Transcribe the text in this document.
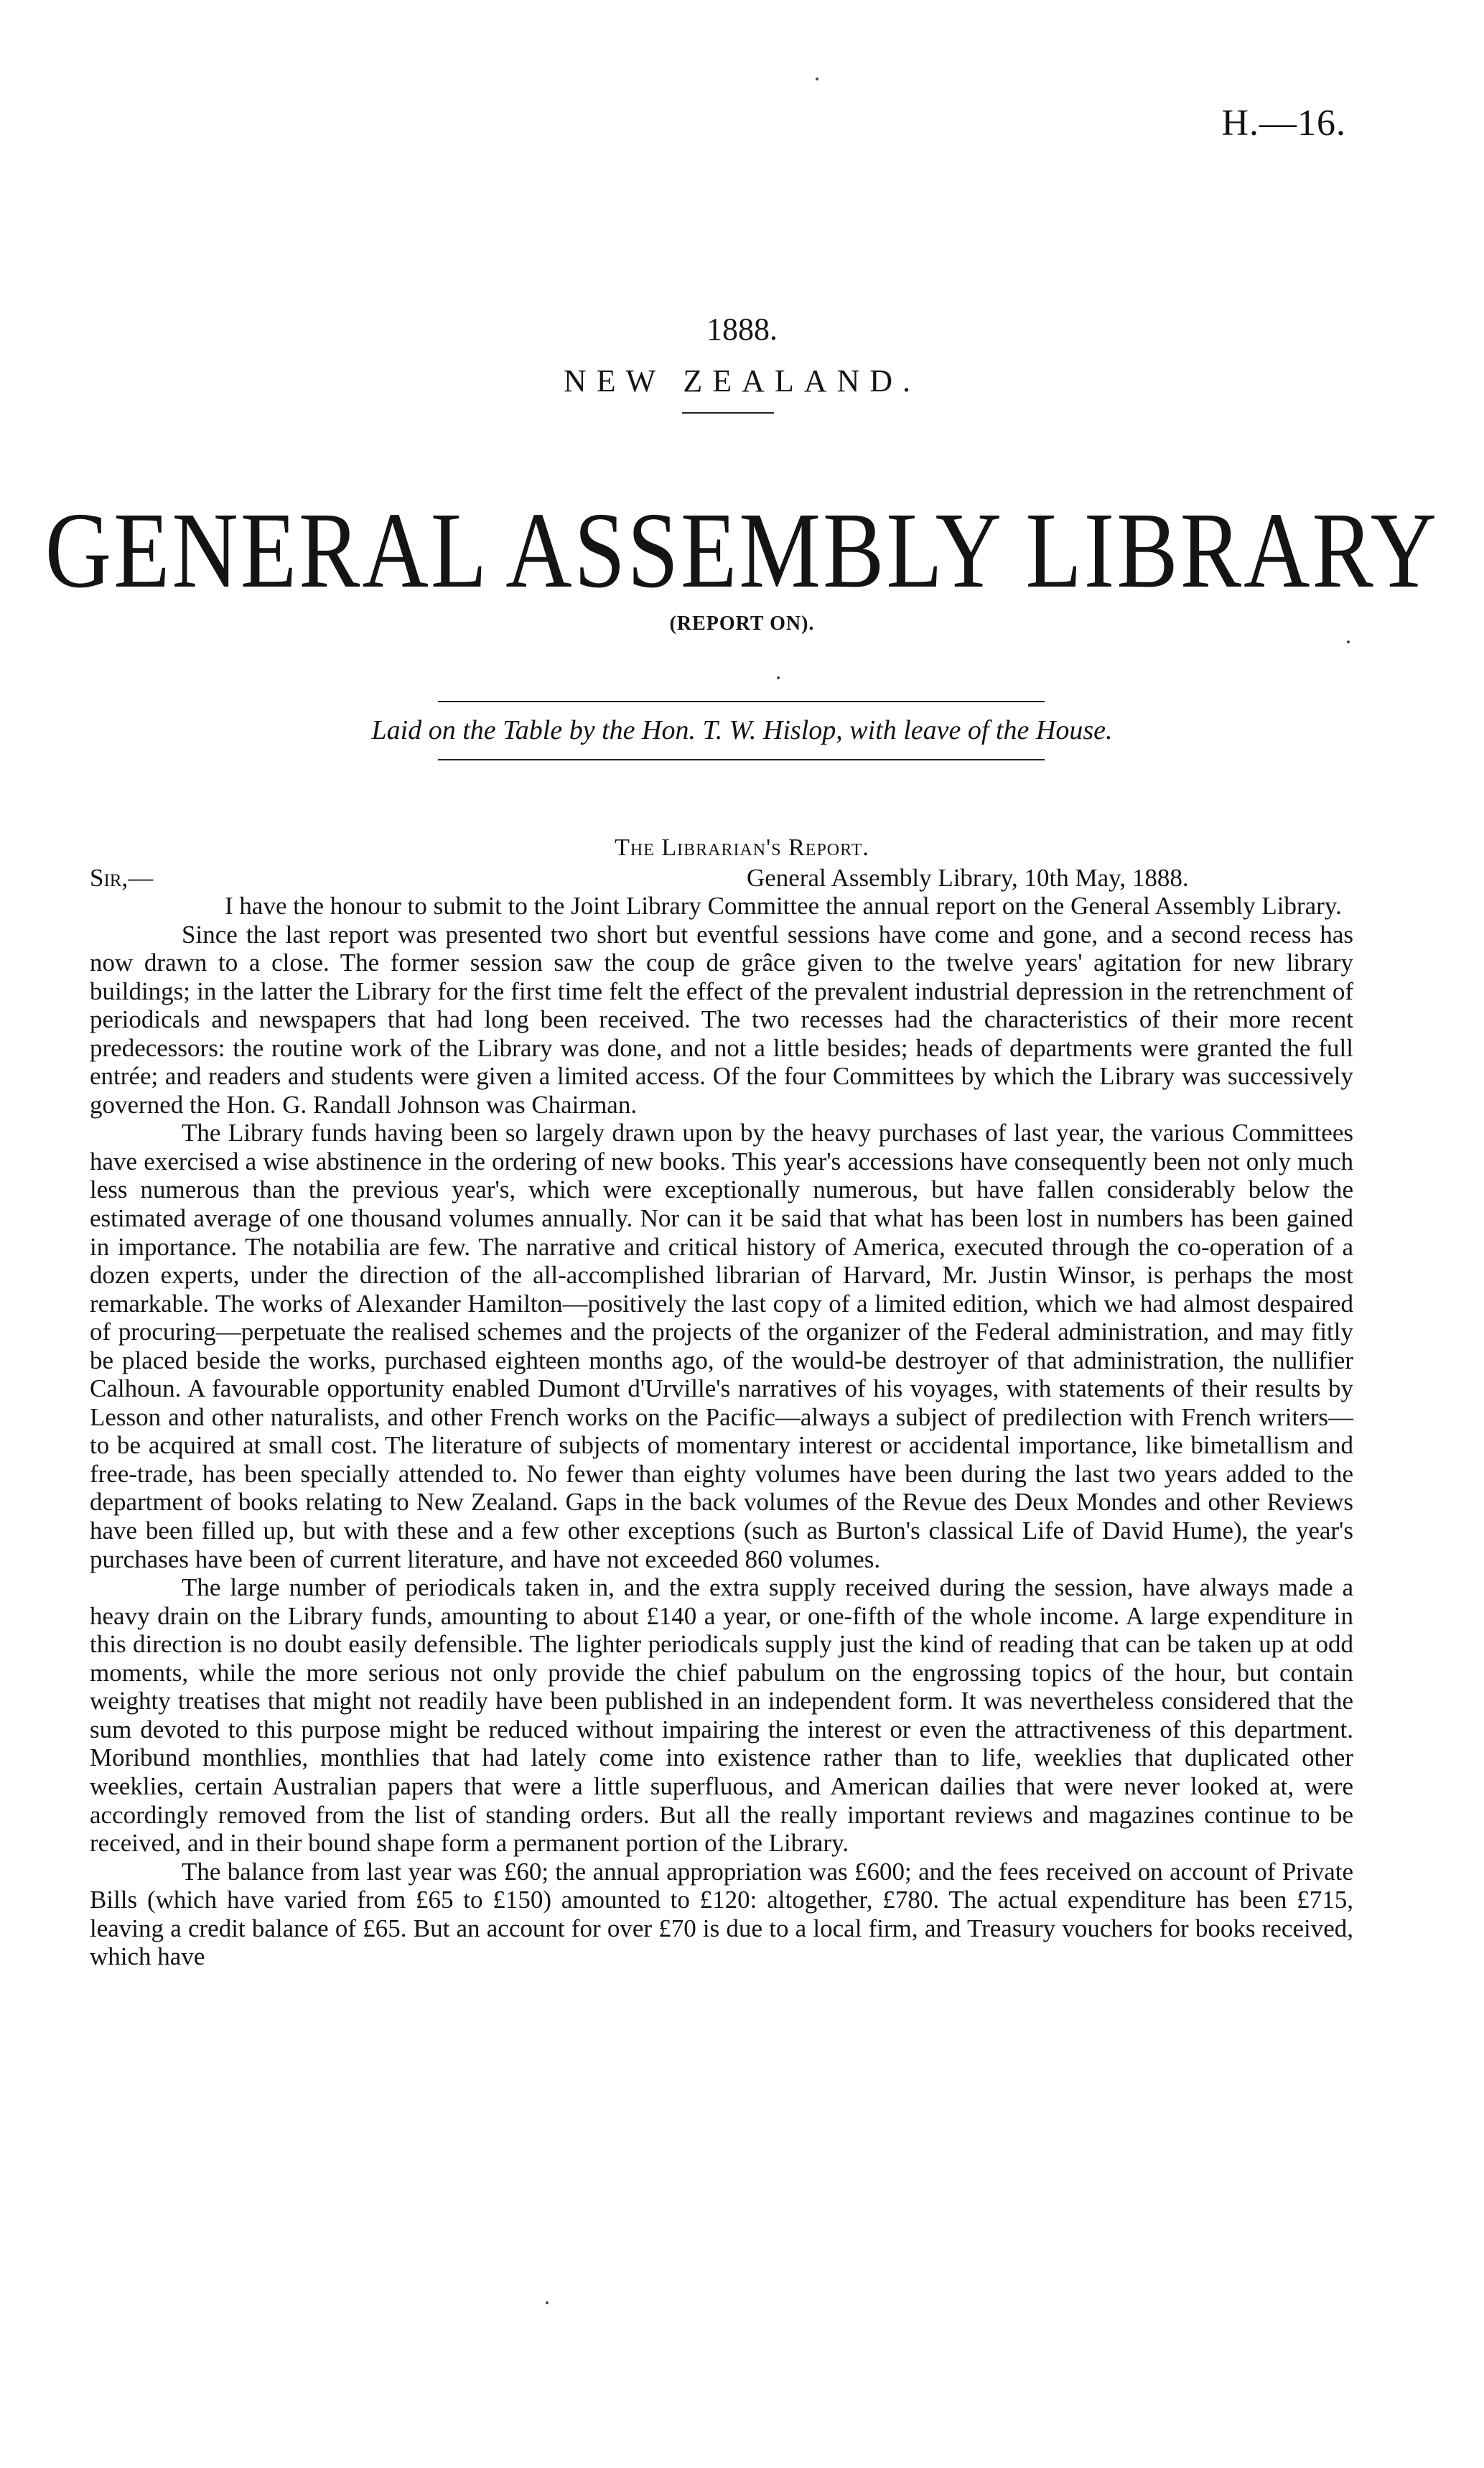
H.—16.
1888.
NEW ZEALAND.
GENERAL ASSEMBLY LIBRARY
(REPORT ON).
Laid on the Table by the Hon. T. W. Hislop, with leave of the House.
The Librarian's Report.
Sir,—	General Assembly Library, 10th May, 1888.

I have the honour to submit to the Joint Library Committee the annual report on the General Assembly Library.

Since the last report was presented two short but eventful sessions have come and gone, and a second recess has now drawn to a close. The former session saw the coup de grâce given to the twelve years' agitation for new library buildings; in the latter the Library for the first time felt the effect of the prevalent industrial depression in the retrenchment of periodicals and newspapers that had long been received. The two recesses had the characteristics of their more recent predecessors: the routine work of the Library was done, and not a little besides; heads of departments were granted the full entrée; and readers and students were given a limited access. Of the four Committees by which the Library was successively governed the Hon. G. Randall Johnson was Chairman.

The Library funds having been so largely drawn upon by the heavy purchases of last year, the various Committees have exercised a wise abstinence in the ordering of new books. This year's accessions have consequently been not only much less numerous than the previous year's, which were exceptionally numerous, but have fallen considerably below the estimated average of one thousand volumes annually. Nor can it be said that what has been lost in numbers has been gained in importance. The notabilia are few. The narrative and critical history of America, executed through the co-operation of a dozen experts, under the direction of the all-accomplished librarian of Harvard, Mr. Justin Winsor, is perhaps the most remarkable. The works of Alexander Hamilton—positively the last copy of a limited edition, which we had almost despaired of procuring—perpetuate the realised schemes and the projects of the organizer of the Federal administration, and may fitly be placed beside the works, purchased eighteen months ago, of the would-be destroyer of that administration, the nullifier Calhoun. A favourable opportunity enabled Dumont d'Urville's narratives of his voyages, with statements of their results by Lesson and other naturalists, and other French works on the Pacific—always a subject of predilection with French writers—to be acquired at small cost. The literature of subjects of momentary interest or accidental importance, like bimetallism and free-trade, has been specially attended to. No fewer than eighty volumes have been during the last two years added to the department of books relating to New Zealand. Gaps in the back volumes of the Revue des Deux Mondes and other Reviews have been filled up, but with these and a few other exceptions (such as Burton's classical Life of David Hume), the year's purchases have been of current literature, and have not exceeded 860 volumes.

The large number of periodicals taken in, and the extra supply received during the session, have always made a heavy drain on the Library funds, amounting to about £140 a year, or one-fifth of the whole income. A large expenditure in this direction is no doubt easily defensible. The lighter periodicals supply just the kind of reading that can be taken up at odd moments, while the more serious not only provide the chief pabulum on the engrossing topics of the hour, but contain weighty treatises that might not readily have been published in an independent form. It was nevertheless considered that the sum devoted to this purpose might be reduced without impairing the interest or even the attractiveness of this department. Moribund monthlies, monthlies that had lately come into existence rather than to life, weeklies that duplicated other weeklies, certain Australian papers that were a little superfluous, and American dailies that were never looked at, were accordingly removed from the list of standing orders. But all the really important reviews and magazines continue to be received, and in their bound shape form a permanent portion of the Library.

The balance from last year was £60; the annual appropriation was £600; and the fees received on account of Private Bills (which have varied from £65 to £150) amounted to £120: altogether, £780. The actual expenditure has been £715, leaving a credit balance of £65. But an account for over £70 is due to a local firm, and Treasury vouchers for books received, which have
